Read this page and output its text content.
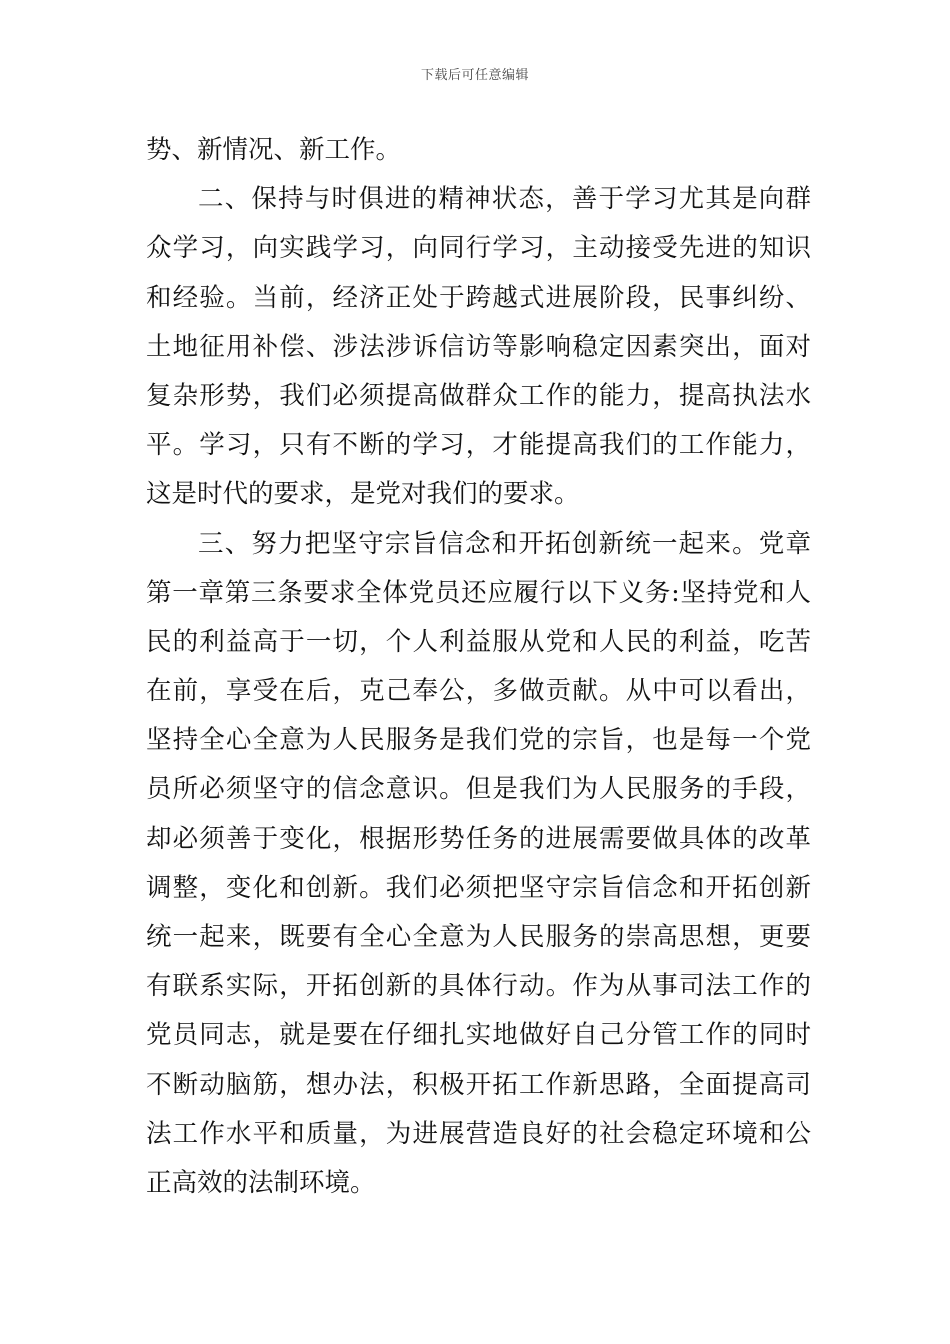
下载后可任意编辑
势、新情况、新工作。
二、保持与时俱进的精神状态，善于学习尤其是向群
众学习，向实践学习，向同行学习，主动接受先进的知识
和经验。当前，经济正处于跨越式进展阶段，民事纠纷、
土地征用补偿、涉法涉诉信访等影响稳定因素突出，面对
复杂形势，我们必须提高做群众工作的能力，提高执法水
平。学习，只有不断的学习，才能提高我们的工作能力，
这是时代的要求，是党对我们的要求。
三、努力把坚守宗旨信念和开拓创新统一起来。党章
第一章第三条要求全体党员还应履行以下义务:坚持党和人
民的利益高于一切，个人利益服从党和人民的利益，吃苦
在前，享受在后，克己奉公，多做贡献。从中可以看出，
坚持全心全意为人民服务是我们党的宗旨，也是每一个党
员所必须坚守的信念意识。但是我们为人民服务的手段，
却必须善于变化，根据形势任务的进展需要做具体的改革
调整，变化和创新。我们必须把坚守宗旨信念和开拓创新
统一起来，既要有全心全意为人民服务的崇高思想，更要
有联系实际，开拓创新的具体行动。作为从事司法工作的
党员同志，就是要在仔细扎实地做好自己分管工作的同时
不断动脑筋，想办法，积极开拓工作新思路，全面提高司
法工作水平和质量，为进展营造良好的社会稳定环境和公
正高效的法制环境。
